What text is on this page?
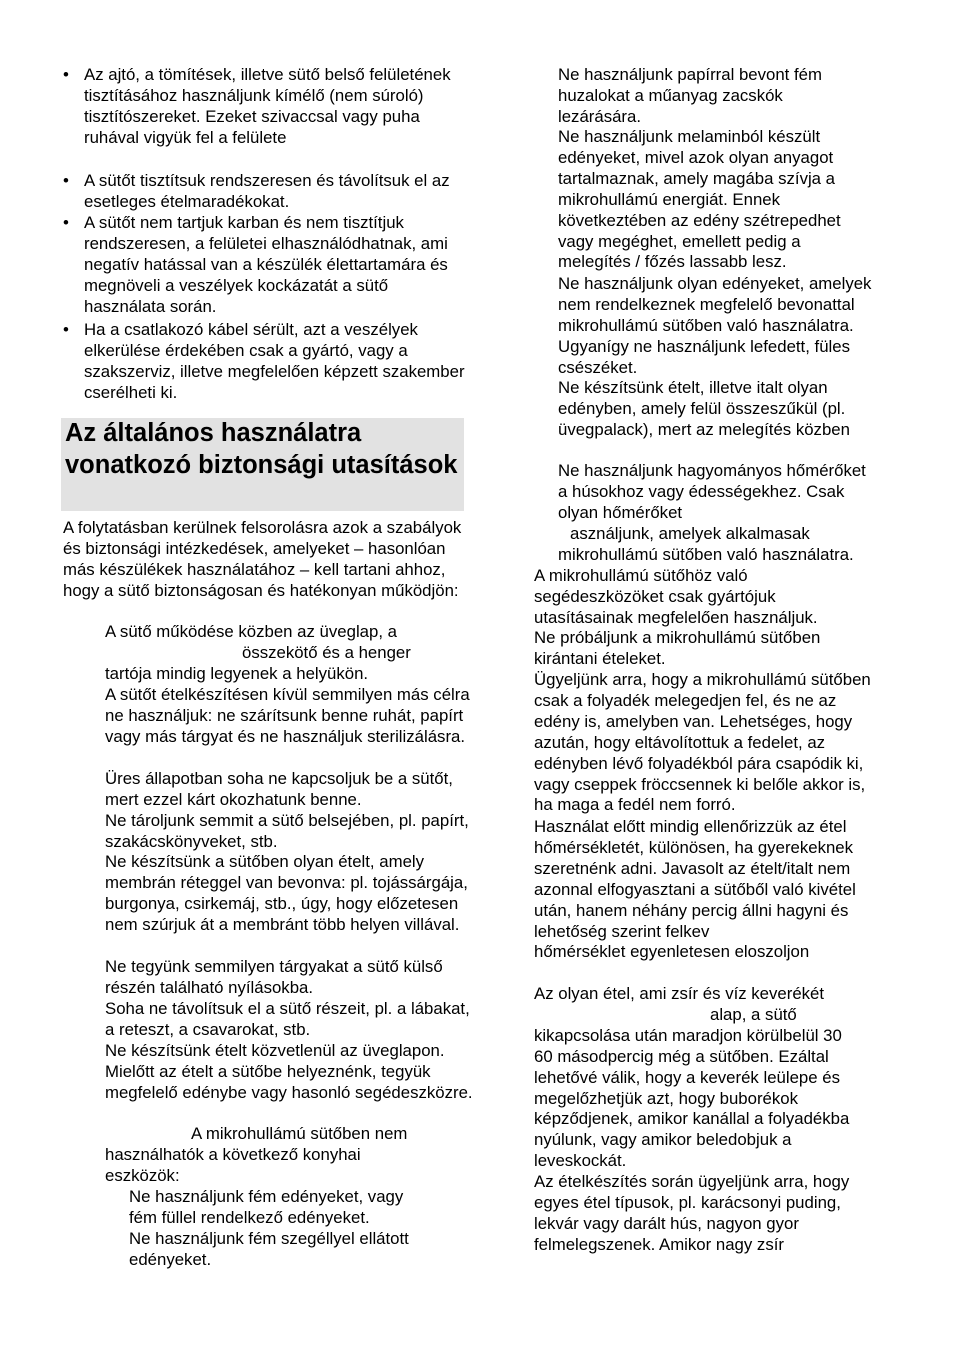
• Az ajtó, a tömítések, illetve sütő belső felületének tisztításához használjunk kímélő (nem súroló) tisztítószereket. Ezeket szivaccsal vagy puha ruhával vigyük fel a felülete
• A sütőt tisztítsuk rendszeresen és távolítsuk el az esetleges ételmaradékokat.
• A sütőt nem tartjuk karban és nem tisztítjuk rendszeresen, a felületei elhasználódhatnak, ami negatív hatással van a készülék élettartamára és megnöveli a veszélyek kockázatát a sütő használata során.
• Ha a csatlakozó kábel sérült, azt a veszélyek elkerülése érdekében csak a gyártó, vagy a szakszerviz, illetve megfelelően képzett szakember cserélheti ki.
Az általános használatra vonatkozó biztonsági utasítások

A folytatásban kerülnek felsorolásra azok a szabályok és biztonsági intézkedések, amelyeket – hasonlóan más készülékek használatához – kell tartani ahhoz, hogy a sütő biztonságosan és hatékonyan működjön:

A sütő működése közben az üveglap, a
összekötő és a henger
tartója mindig legyenek a helyükön.

A sütőt ételkészítésen kívül semmilyen más célra ne használjuk: ne szárítsunk benne ruhát, papírt vagy más tárgyat és ne használjuk sterilizálásra.

Üres állapotban soha ne kapcsoljuk be a sütőt, mert ezzel kárt okozhatunk benne.

Ne tároljunk semmit a sütő belsejében, pl. papírt, szakácskönyveket, stb.

Ne készítsünk a sütőben olyan ételt, amely membrán réteggel van bevonva: pl. tojássárgája, burgonya, csirkemáj, stb., úgy, hogy előzetesen nem szúrjuk át a membránt több helyen villával.

Ne tegyünk semmilyen tárgyakat a sütő külső részén található nyílásokba.

Soha ne távolítsuk el a sütő részeit, pl. a lábakat, a reteszt, a csavarokat, stb.

Ne készítsünk ételt közvetlenül az üveglapon. Mielőtt az ételt a sütőbe helyeznénk, tegyük megfelelő edénybe vagy hasonló segédeszközre.

A mikrohullámú sütőben nem
használhatók a következő konyhai eszközök:

Ne használjunk fém edényeket, vagy fém füllel rendelkező edényeket.

Ne használjunk fém szegéllyel ellátott edényeket.

Ne használjunk papírral bevont fém huzalokat a műanyag zacskók lezárására.

Ne használjunk melaminból készült edényeket, mivel azok olyan anyagot tartalmaznak, amely magába szívja a mikrohullámú energiát. Ennek következtében az edény szétrepedhet vagy megéghet, emellett pedig a melegítés / főzés lassabb lesz.

Ne használjunk olyan edényeket, amelyek nem rendelkeznek megfelelő bevonattal mikrohullámú sütőben való használatra. Ugyanígy ne használjunk lefedett, füles csészéket.

Ne készítsünk ételt, illetve italt olyan edényben, amely felül összeszűkül (pl. üvegpalack), mert az melegítés közben

Ne használjunk hagyományos hőmérőket a húsokhoz vagy édességekhez. Csak olyan hőmérőket
asználjunk, amelyek alkalmasak
mikrohullámú sütőben való használatra.

A mikrohullámú sütőhöz való segédeszközöket csak gyártójuk utasításainak megfelelően használjuk.

Ne próbáljunk a mikrohullámú sütőben kirántani ételeket.

Ügyeljünk arra, hogy a mikrohullámú sütőben csak a folyadék melegedjen fel, és ne az edény is, amelyben van. Lehetséges, hogy azután, hogy eltávolítottuk a fedelet, az edényben lévő folyadékból pára csapódik ki, vagy cseppek fröccsennek ki belőle akkor is, ha maga a fedél nem forró.

Használat előtt mindig ellenőrizzük az étel hőmérsékletét, különösen, ha gyerekeknek szeretnénk adni. Javasolt az ételt/italt nem azonnal elfogyasztani a sütőből való kivétel után, hanem néhány percig állni hagyni és lehetőség szerint felkev

hőmérséklet egyenletesen eloszoljon
Az olyan étel, ami zsír és víz keverékét
alap, a sütő
kikapcsolása után maradjon körülbelül 30
60 másodpercig még a sütőben. Ezáltal lehetővé válik, hogy a keverék leülepe és megelőzhetjük azt, hogy buborékok képződjenek, amikor kanállal a folyadékba nyúlunk, vagy amikor beledobjuk a leveskockát.

Az ételkészítés során ügyeljünk arra, hogy egyes étel típusok, pl. karácsonyi puding, lekvár vagy darált hús, nagyon gyor felmelegszenek. Amikor nagy zsír
